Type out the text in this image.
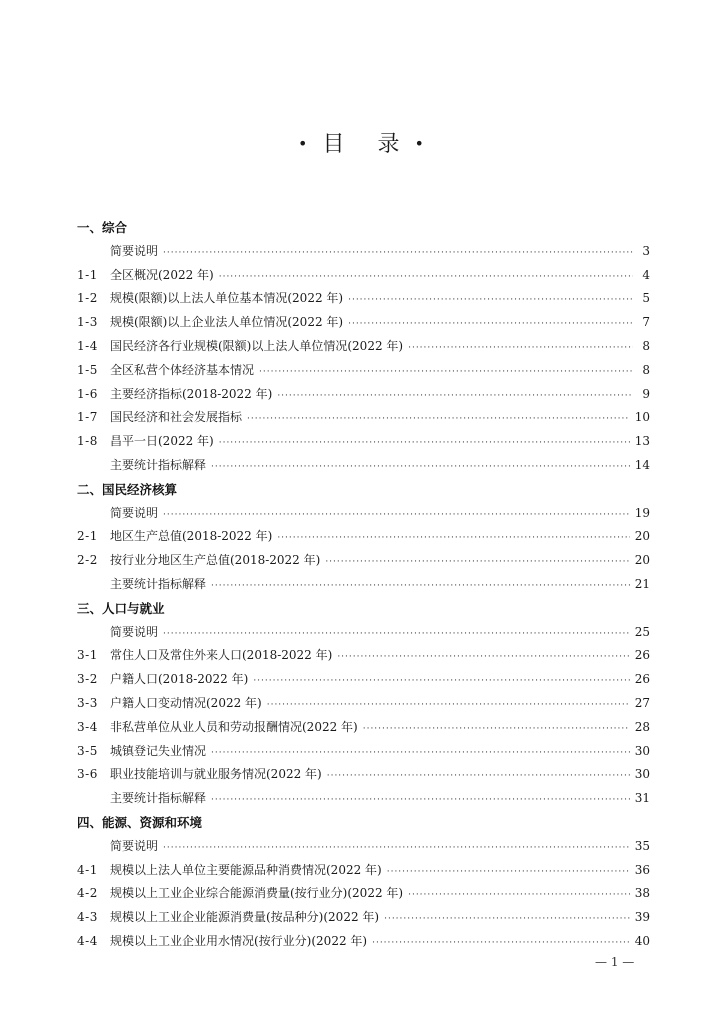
• 目 录 •
一、综合
简要说明 ·····	3
1-1	全区概况(2022 年) ·····	4
1-2	规模(限额)以上法人单位基本情况(2022 年) ·····	5
1-3	规模(限额)以上企业法人单位情况(2022 年) ·····	7
1-4	国民经济各行业规模(限额)以上法人单位情况(2022 年) ·····	8
1-5	全区私营个体经济基本情况 ·····	8
1-6	主要经济指标(2018-2022 年) ·····	9
1-7	国民经济和社会发展指标 ·····	10
1-8	昌平一日(2022 年) ·····	13
主要统计指标解释 ·····	14
二、国民经济核算
简要说明 ·····	19
2-1	地区生产总值(2018-2022 年) ·····	20
2-2	按行业分地区生产总值(2018-2022 年) ·····	20
主要统计指标解释 ·····	21
三、人口与就业
简要说明 ·····	25
3-1	常住人口及常住外来人口(2018-2022 年) ·····	26
3-2	户籍人口(2018-2022 年) ·····	26
3-3	户籍人口变动情况(2022 年) ·····	27
3-4	非私营单位从业人员和劳动报酬情况(2022 年) ·····	28
3-5	城镇登记失业情况 ·····	30
3-6	职业技能培训与就业服务情况(2022 年) ·····	30
主要统计指标解释 ·····	31
四、能源、资源和环境
简要说明 ·····	35
4-1	规模以上法人单位主要能源品种消费情况(2022 年) ·····	36
4-2	规模以上工业企业综合能源消费量(按行业分)(2022 年) ·····	38
4-3	规模以上工业企业能源消费量(按品种分)(2022 年) ·····	39
4-4	规模以上工业企业用水情况(按行业分)(2022 年) ·····	40
— 1 —
